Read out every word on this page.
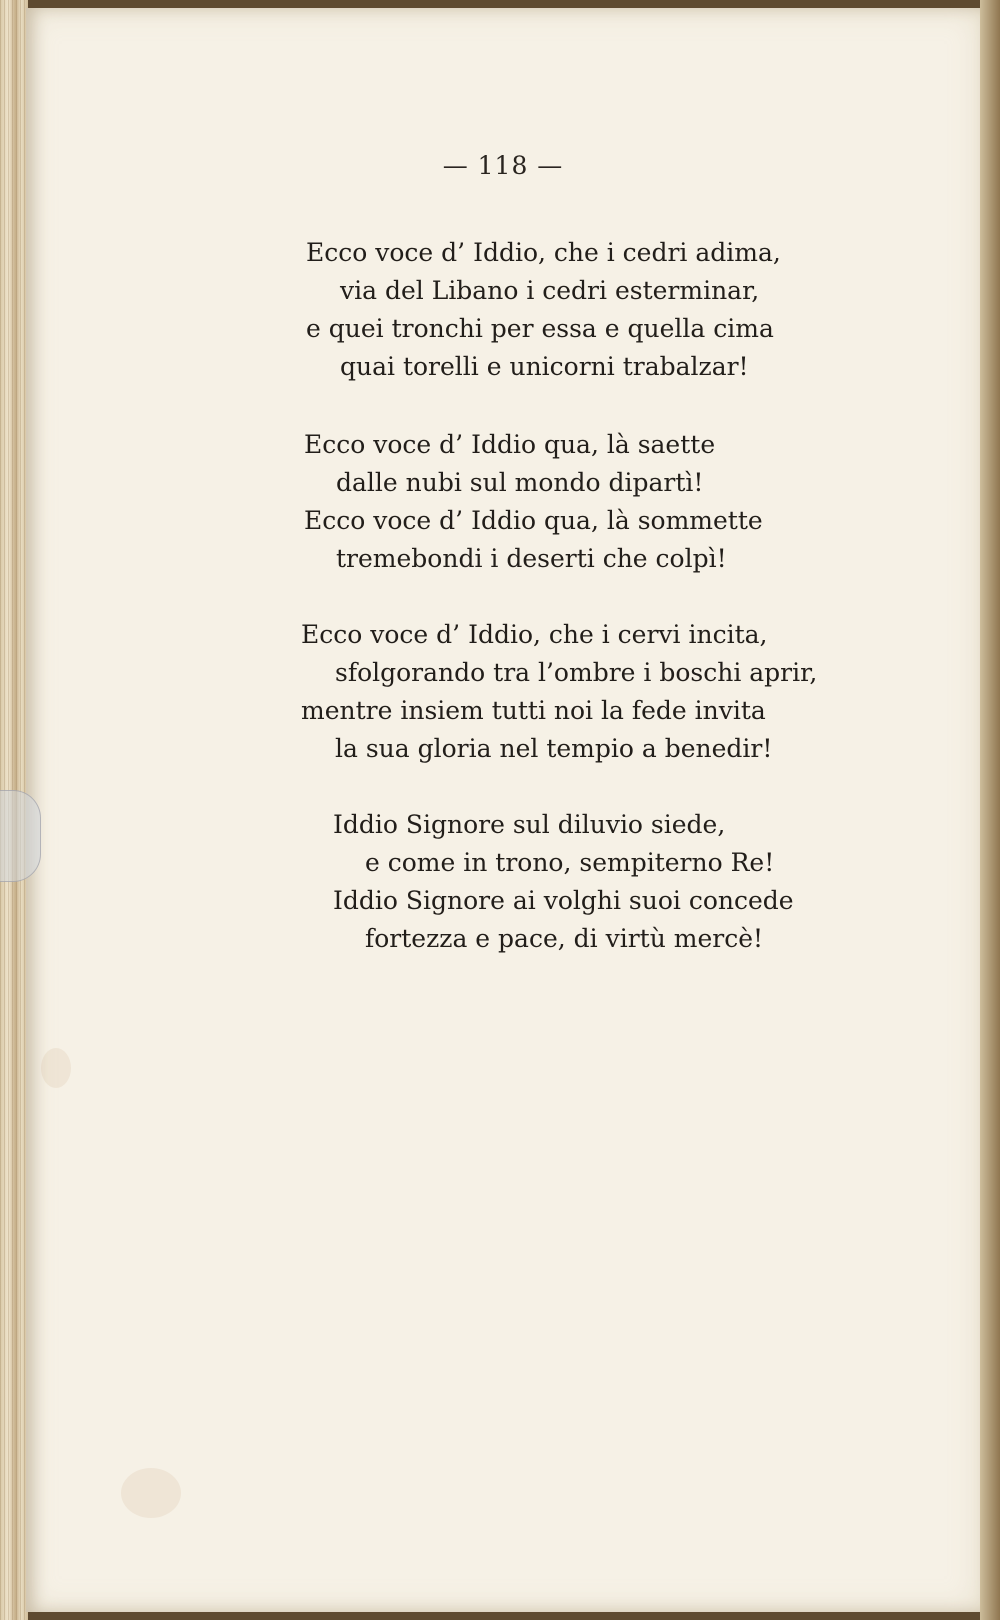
— 118 —
Ecco voce d’ Iddio, che i cedri adima,
via del Libano i cedri esterminar,
e quei tronchi per essa e quella cima
quai torelli e unicorni trabalzar!
Ecco voce d’ Iddio qua, là saette
dalle nubi sul mondo dipartì!
Ecco voce d’ Iddio qua, là sommette
tremebondi i deserti che colpì!
Ecco voce d’ Iddio, che i cervi incita,
sfolgorando tra l’ombre i boschi aprir,
mentre insiem tutti noi la fede invita
la sua gloria nel tempio a benedir!
Iddio Signore sul diluvio siede,
e come in trono, sempiterno Re!
Iddio Signore ai volghi suoi concede
fortezza e pace, di virtù mercè!
